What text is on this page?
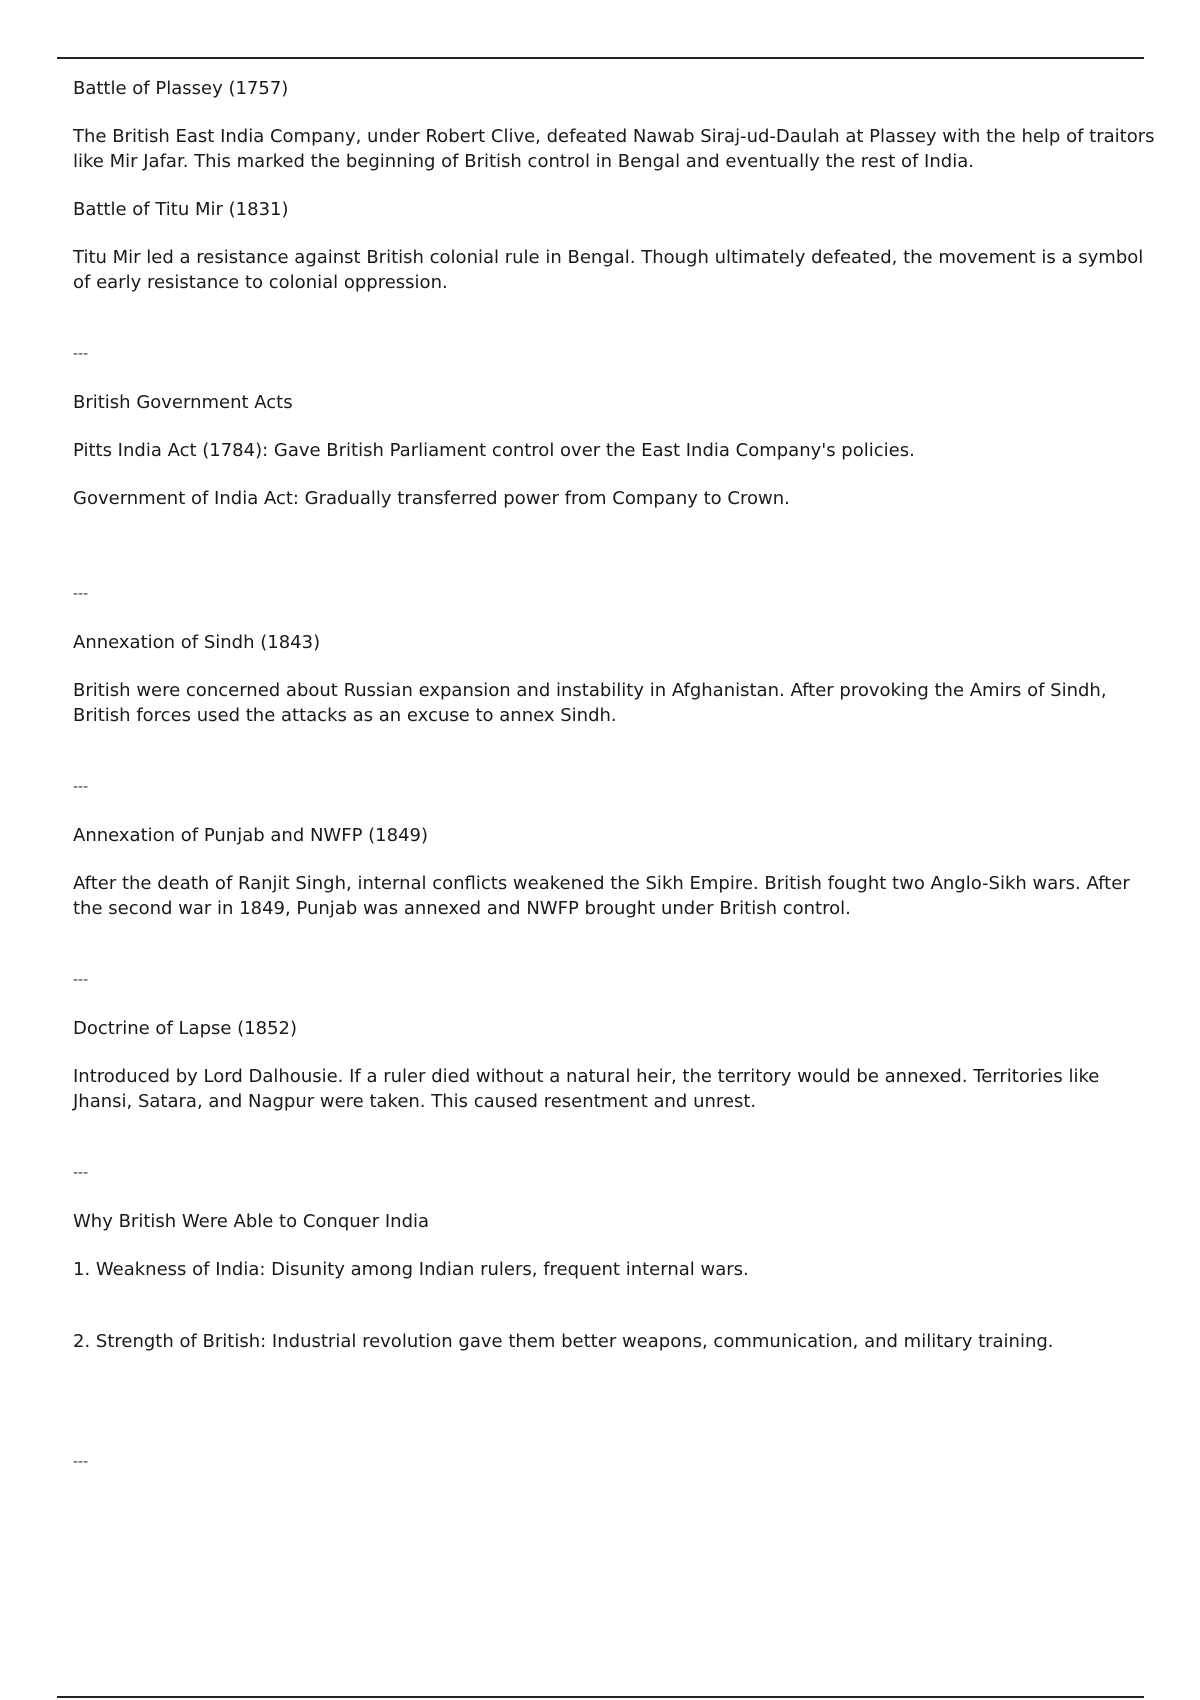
Battle of Plassey (1757)

The British East India Company, under Robert Clive, defeated Nawab Siraj-ud-Daulah at Plassey with the help of traitors like Mir Jafar. This marked the beginning of British control in Bengal and eventually the rest of India.

Battle of Titu Mir (1831)

Titu Mir led a resistance against British colonial rule in Bengal. Though ultimately defeated, the movement is a symbol of early resistance to colonial oppression.

---

British Government Acts

Pitts India Act (1784): Gave British Parliament control over the East India Company's policies.

Government of India Act: Gradually transferred power from Company to Crown.

---

Annexation of Sindh (1843)

British were concerned about Russian expansion and instability in Afghanistan. After provoking the Amirs of Sindh, British forces used the attacks as an excuse to annex Sindh.

---

Annexation of Punjab and NWFP (1849)

After the death of Ranjit Singh, internal conflicts weakened the Sikh Empire. British fought two Anglo-Sikh wars. After the second war in 1849, Punjab was annexed and NWFP brought under British control.

---

Doctrine of Lapse (1852)

Introduced by Lord Dalhousie. If a ruler died without a natural heir, the territory would be annexed. Territories like Jhansi, Satara, and Nagpur were taken. This caused resentment and unrest.

---

Why British Were Able to Conquer India

1. Weakness of India: Disunity among Indian rulers, frequent internal wars.

2. Strength of British: Industrial revolution gave them better weapons, communication, and military training.

---
